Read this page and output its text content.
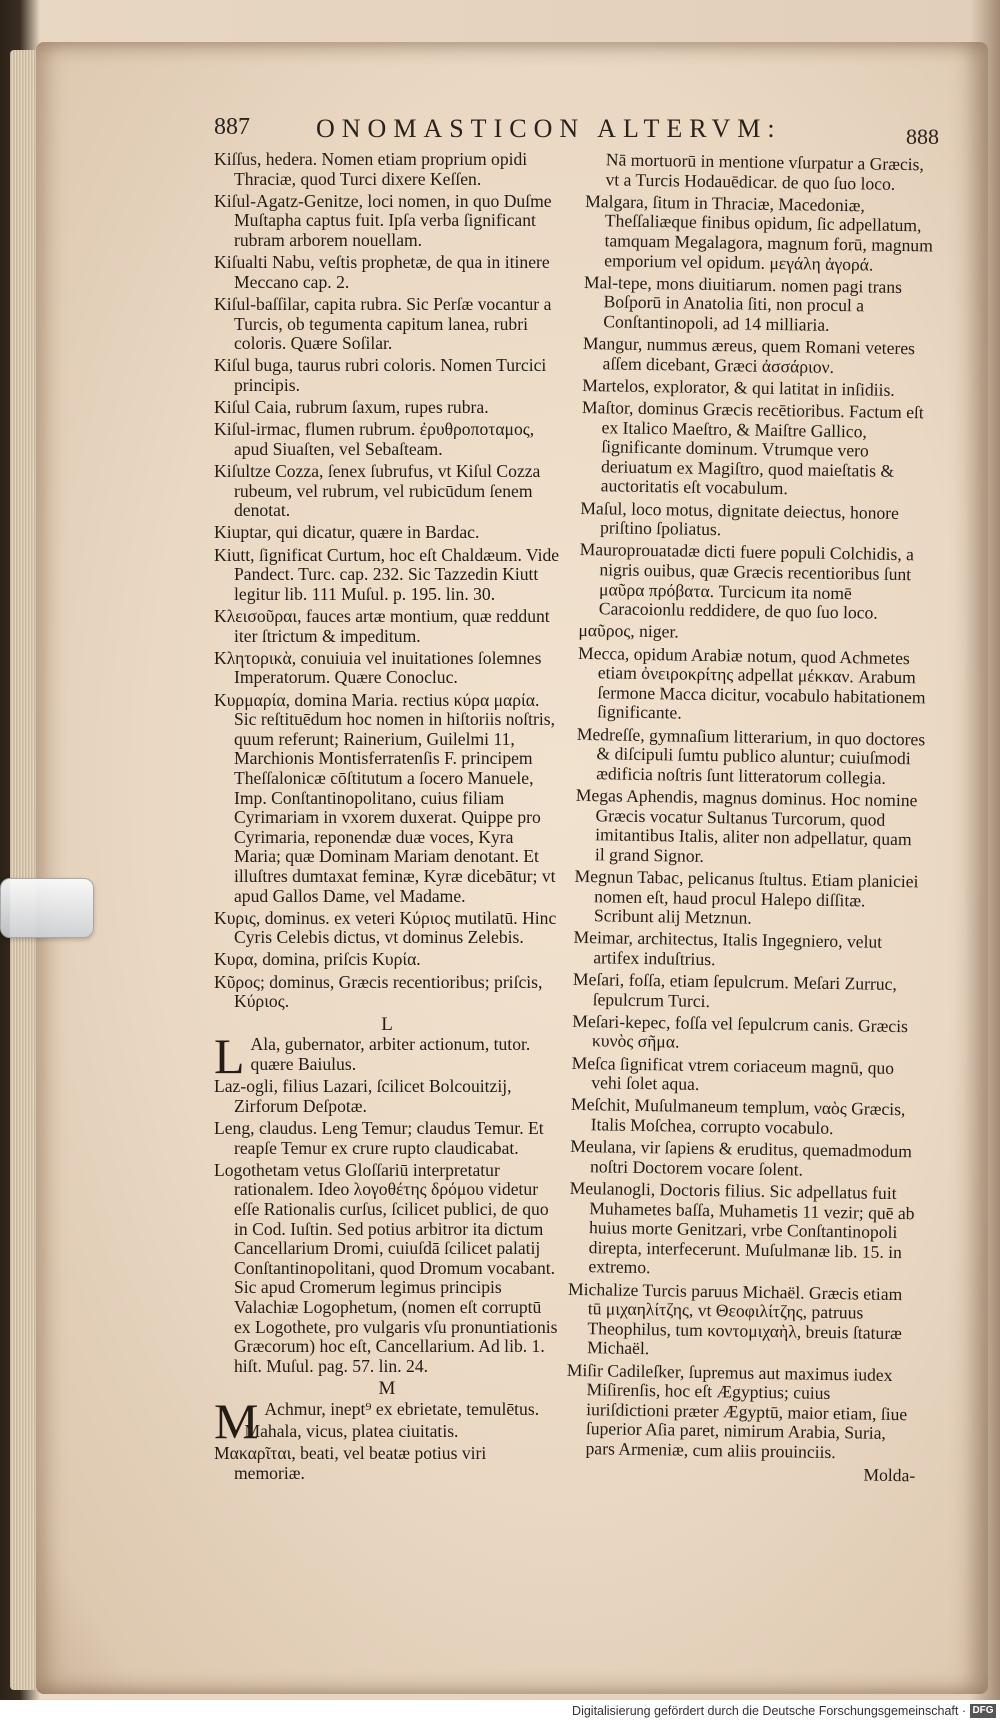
887	ONOMASTICON ALTERVM:	888
Kiſſus, hedera. Nomen etiam proprium opidi Thraciæ, quod Turci dixere Keſſen.
Kiſul-Agatz-Genitze, loci nomen, in quo Duſme Muſtapha captus fuit. Ipſa verba ſignificant rubram arborem nouellam.
Kiſualti Nabu, veſtis prophetæ, de qua in itinere Meccano cap. 2.
Kiſul-baſſilar, capita rubra. Sic Perſæ vocantur a Turcis, ob tegumenta capitum lanea, rubri coloris. Quære Soſilar.
Kiſul buga, taurus rubri coloris. Nomen Turcici principis.
Kiſul Caia, rubrum ſaxum, rupes rubra.
Kiſul-irmac, flumen rubrum. ἐρυθροποταμος, apud Siuaſten, vel Sebaſteam.
Kiſultze Cozza, ſenex ſubrufus, vt Kiſul Cozza rubeum, vel rubrum, vel rubicūdum ſenem denotat.
Kiuptar, qui dicatur, quære in Bardac.
Kiutt, ſignificat Curtum, hoc eſt Chaldæum. Vide Pandect. Turc. cap. 232. Sic Tazzedin Kiutt legitur lib. 111 Muſul. p. 195. lin. 30.
Κλεισοῦραι, fauces artæ montium, quæ reddunt iter ſtrictum & impeditum.
Κλητορικὰ, conuiuia vel inuitationes ſolemnes Imperatorum. Quære Conocluc.
Κυρμαρία, domina Maria. rectius κύρα μαρία. Sic reſtituēdum hoc nomen in hiſtoriis noſtris, quum referunt; Rainerium, Guilelmi 11, Marchionis Montisferratenſis F. principem Theſſalonicæ cōſtitutum a ſocero Manuele, Imp. Conſtantinopolitano, cuius filiam Cyrimariam in vxorem duxerat. Quippe pro Cyrimaria, reponendæ duæ voces, Kyra Maria; quæ Dominam Mariam denotant. Et illuſtres dumtaxat feminæ, Kyræ dicebātur; vt apud Gallos Dame, vel Madame.
Κυρις, dominus. ex veteri Κύριος mutilatū. Hinc Cyris Celebis dictus, vt dominus Zelebis.
Κυρα, domina, priſcis Κυρία.
Κῦρος; dominus, Græcis recentioribus; priſcis, Κύριος.
L
L Ala, gubernator, arbiter actionum, tutor. quære Baiulus.
Laz-ogli, filius Lazari, ſcilicet Bolcouitzij, Zirforum Deſpotæ.
Leng, claudus. Leng Temur; claudus Temur. Et reapſe Temur ex crure rupto claudicabat.
Logothetam vetus Gloſſariū interpretatur rationalem. Ideo λογοθέτης δρόμου videtur eſſe Rationalis curſus, ſcilicet publici, de quo in Cod. Iuſtin. Sed potius arbitror ita dictum Cancellarium Dromi, cuiuſdā ſcilicet palatij Conſtantinopolitani, quod Dromum vocabant. Sic apud Cromerum legimus principis Valachiæ Logophetum, (nomen eſt corruptū ex Logothete, pro vulgaris vſu pronuntiationis Græcorum) hoc eſt, Cancellarium. Ad lib. 1. hiſt. Muſul. pag. 57. lin. 24.
M
M Achmur, inept⁹ ex ebrietate, temulētus.
Mahala, vicus, platea ciuitatis.
Μακαρῖται, beati, vel beatæ potius viri memoriæ.
Nā mortuorū in mentione vſurpatur a Græcis, vt a Turcis Hodauēdicar. de quo ſuo loco.
Malgara, ſitum in Thraciæ, Macedoniæ, Theſſaliæque finibus opidum, ſic adpellatum, tamquam Megalagora, magnum forū, magnum emporium vel opidum. μεγάλη ἀγορά.
Mal-tepe, mons diuitiarum. nomen pagi trans Boſporū in Anatolia ſiti, non procul a Conſtantinopoli, ad 14 milliaria.
Mangur, nummus æreus, quem Romani veteres aſſem dicebant, Græci ἀσσάριον.
Martelos, explorator, & qui latitat in inſidiis.
Maſtor, dominus Græcis recētioribus. Factum eſt ex Italico Maeſtro, & Maiſtre Gallico, ſignificante dominum. Vtrumque vero deriuatum ex Magiſtro, quod maieſtatis & auctoritatis eſt vocabulum.
Maſul, loco motus, dignitate deiectus, honore priſtino ſpoliatus.
Mauroprouatadæ dicti fuere populi Colchidis, a nigris ouibus, quæ Græcis recentioribus ſunt μαῦρα πρόβατα. Turcicum ita nomē Caracoionlu reddidere, de quo ſuo loco.
μαῦρος, niger.
Mecca, opidum Arabiæ notum, quod Achmetes etiam ὀνειροκρίτης adpellat μέκκαν. Arabum ſermone Macca dicitur, vocabulo habitationem ſignificante.
Medreſſe, gymnaſium litterarium, in quo doctores & diſcipuli ſumtu publico aluntur; cuiuſmodi ædificia noſtris ſunt litteratorum collegia.
Megas Aphendis, magnus dominus. Hoc nomine Græcis vocatur Sultanus Turcorum, quod imitantibus Italis, aliter non adpellatur, quam il grand Signor.
Megnun Tabac, pelicanus ſtultus. Etiam planiciei nomen eſt, haud procul Halepo diſſitæ. Scribunt alij Metznun.
Meimar, architectus, Italis Ingegniero, velut artifex induſtrius.
Meſari, foſſa, etiam ſepulcrum. Meſari Zurruc, ſepulcrum Turci.
Meſari-kepec, foſſa vel ſepulcrum canis. Græcis κυνὸς σῆμα.
Meſca ſignificat vtrem coriaceum magnū, quo vehi ſolet aqua.
Meſchit, Muſulmaneum templum, ναὸς Græcis, Italis Moſchea, corrupto vocabulo.
Meulana, vir ſapiens & eruditus, quemadmodum noſtri Doctorem vocare ſolent.
Meulanogli, Doctoris filius. Sic adpellatus fuit Muhametes baſſa, Muhametis 11 vezir; quē ab huius morte Genitzari, vrbe Conſtantinopoli direpta, interfecerunt. Muſulmanæ lib. 15. in extremo.
Michalize Turcis paruus Michaël. Græcis etiam tū μιχαηλίτζης, vt Θεοφιλίτζης, patruus Theophilus, tum κοντομιχαὴλ, breuis ſtaturæ Michaël.
Miſir Cadileſker, ſupremus aut maximus iudex Miſirenſis, hoc eſt Ægyptius; cuius iuriſdictioni præter Ægyptū, maior etiam, ſiue ſuperior Aſia paret, nimirum Arabia, Suria, pars Armeniæ, cum aliis prouinciis.
Molda-
Digitalisierung gefördert durch die Deutsche Forschungsgemeinschaft · DFG
